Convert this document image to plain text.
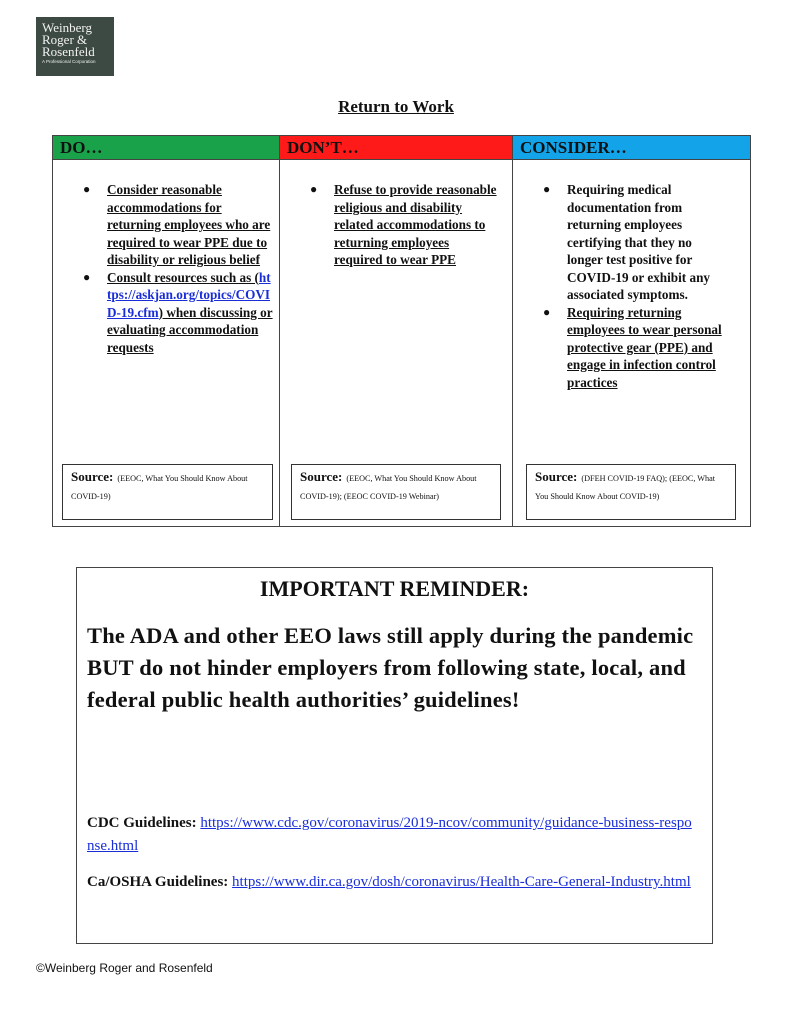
Weinberg
Roger &
Rosenfeld
A Professional Corporation
Return to Work
DO…
● Consider reasonable accommodations for returning employees who are required to wear PPE due to disability or religious belief
● Consult resources such as (https://askjan.org/topics/COVID-19.cfm) when discussing or evaluating accommodation requests
Source: (EEOC, What You Should Know About COVID-19)
DON’T…
● Refuse to provide reasonable religious and disability related accommodations to returning employees required to wear PPE
Source: (EEOC, What You Should Know About COVID-19); (EEOC COVID-19 Webinar)
CONSIDER…
● Requiring medical documentation from returning employees certifying that they no longer test positive for COVID-19 or exhibit any associated symptoms.
● Requiring returning employees to wear personal protective gear (PPE) and engage in infection control practices
Source: (DFEH COVID-19 FAQ); (EEOC, What You Should Know About COVID-19)
IMPORTANT REMINDER:
The ADA and other EEO laws still apply during the pandemic BUT do not hinder employers from following state, local, and federal public health authorities’ guidelines!
CDC Guidelines: https://www.cdc.gov/coronavirus/2019-ncov/community/guidance-business-response.html
Ca/OSHA Guidelines: https://www.dir.ca.gov/dosh/coronavirus/Health-Care-General-Industry.html
©Weinberg Roger and Rosenfeld
